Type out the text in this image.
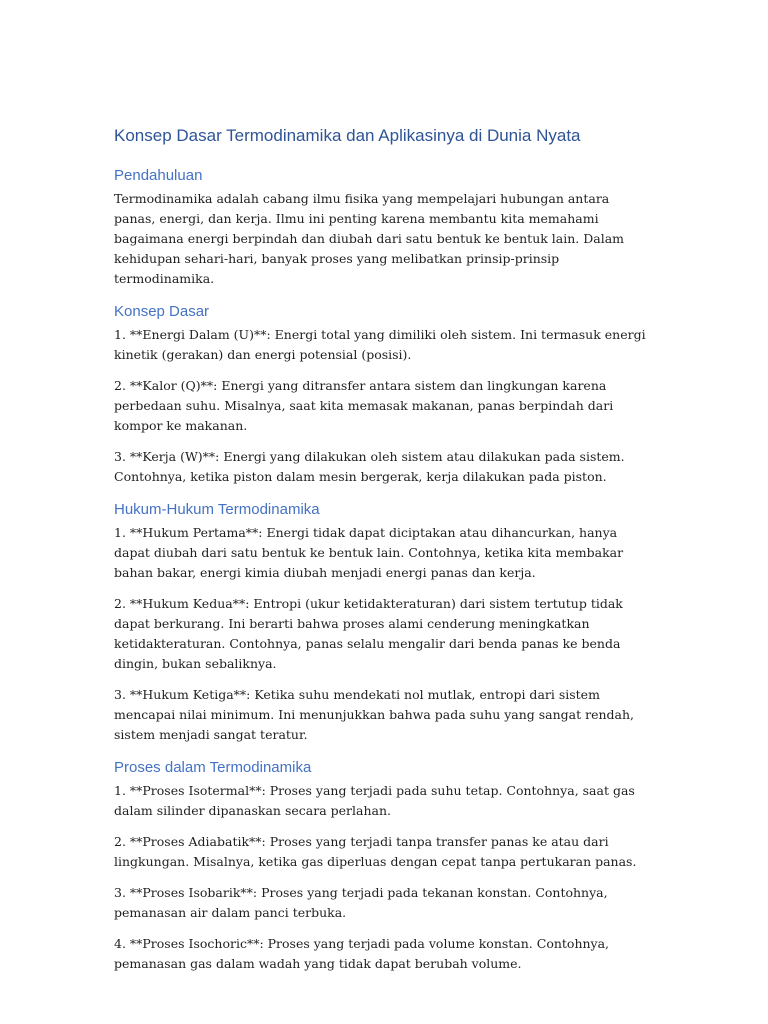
Konsep Dasar Termodinamika dan Aplikasinya di Dunia Nyata
Pendahuluan

Termodinamika adalah cabang ilmu fisika yang mempelajari hubungan antara panas, energi, dan kerja. Ilmu ini penting karena membantu kita memahami bagaimana energi berpindah dan diubah dari satu bentuk ke bentuk lain. Dalam kehidupan sehari-hari, banyak proses yang melibatkan prinsip-prinsip termodinamika.

Konsep Dasar

1. **Energi Dalam (U)**: Energi total yang dimiliki oleh sistem. Ini termasuk energi kinetik (gerakan) dan energi potensial (posisi).

2. **Kalor (Q)**: Energi yang ditransfer antara sistem dan lingkungan karena perbedaan suhu. Misalnya, saat kita memasak makanan, panas berpindah dari kompor ke makanan.

3. **Kerja (W)**: Energi yang dilakukan oleh sistem atau dilakukan pada sistem. Contohnya, ketika piston dalam mesin bergerak, kerja dilakukan pada piston.

Hukum-Hukum Termodinamika

1. **Hukum Pertama**: Energi tidak dapat diciptakan atau dihancurkan, hanya dapat diubah dari satu bentuk ke bentuk lain. Contohnya, ketika kita membakar bahan bakar, energi kimia diubah menjadi energi panas dan kerja.

2. **Hukum Kedua**: Entropi (ukur ketidakteraturan) dari sistem tertutup tidak dapat berkurang. Ini berarti bahwa proses alami cenderung meningkatkan ketidakteraturan. Contohnya, panas selalu mengalir dari benda panas ke benda dingin, bukan sebaliknya.

3. **Hukum Ketiga**: Ketika suhu mendekati nol mutlak, entropi dari sistem mencapai nilai minimum. Ini menunjukkan bahwa pada suhu yang sangat rendah, sistem menjadi sangat teratur.

Proses dalam Termodinamika

1. **Proses Isotermal**: Proses yang terjadi pada suhu tetap. Contohnya, saat gas dalam silinder dipanaskan secara perlahan.

2. **Proses Adiabatik**: Proses yang terjadi tanpa transfer panas ke atau dari lingkungan. Misalnya, ketika gas diperluas dengan cepat tanpa pertukaran panas.

3. **Proses Isobarik**: Proses yang terjadi pada tekanan konstan. Contohnya, pemanasan air dalam panci terbuka.

4. **Proses Isochoric**: Proses yang terjadi pada volume konstan. Contohnya, pemanasan gas dalam wadah yang tidak dapat berubah volume.
